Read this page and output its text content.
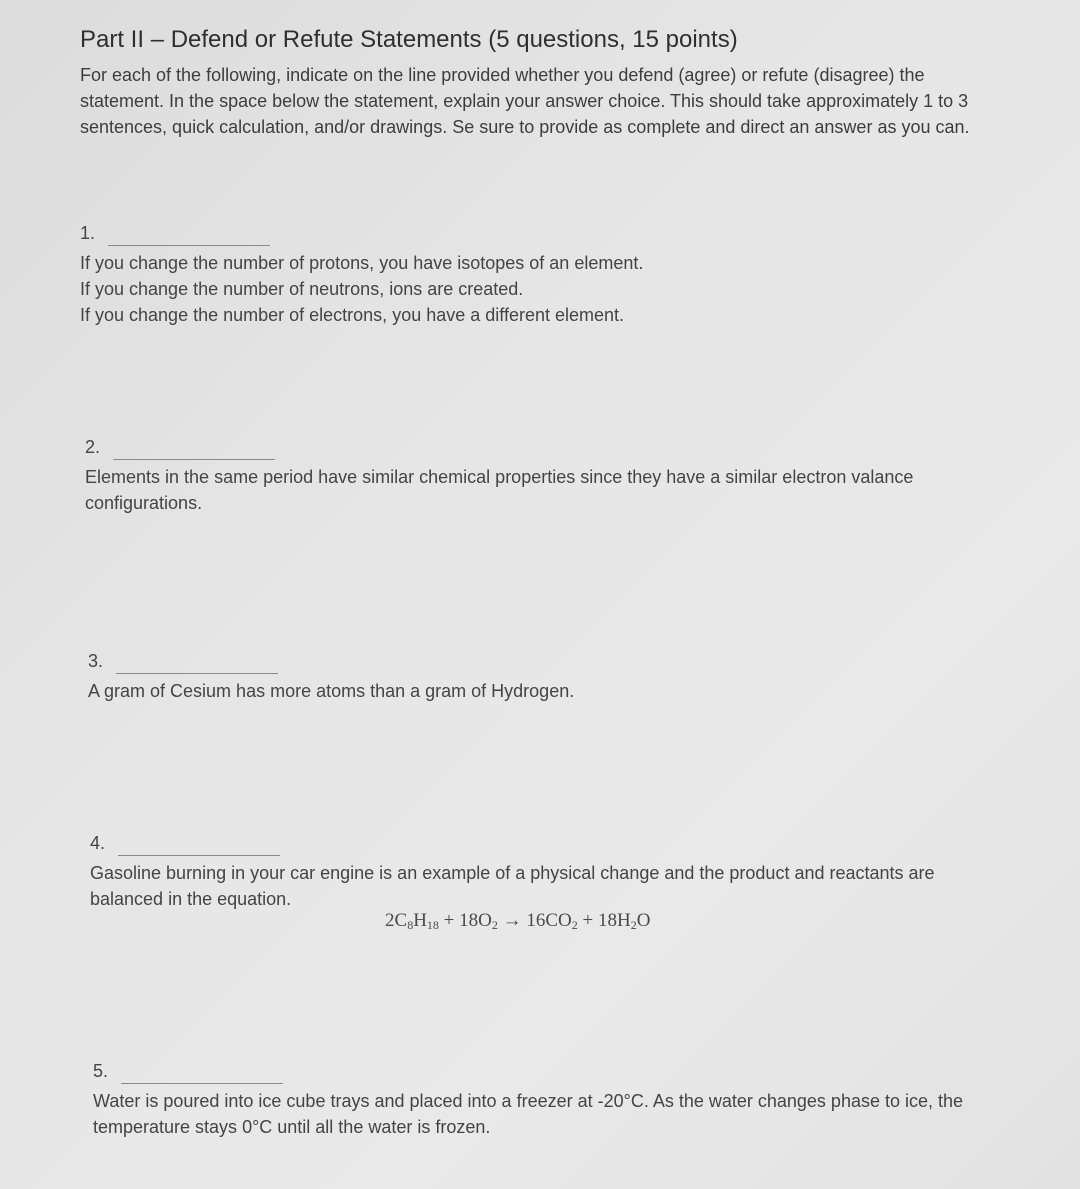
Part II – Defend or Refute Statements (5 questions, 15 points)
For each of the following, indicate on the line provided whether you defend (agree) or refute (disagree) the statement. In the space below the statement, explain your answer choice. This should take approximately 1 to 3 sentences, quick calculation, and/or drawings. Se sure to provide as complete and direct an answer as you can.
1.

If you change the number of protons, you have isotopes of an element.

If you change the number of neutrons, ions are created.

If you change the number of electrons, you have a different element.

2.

Elements in the same period have similar chemical properties since they have a similar electron valance configurations.

3.

A gram of Cesium has more atoms than a gram of Hydrogen.

4.

Gasoline burning in your car engine is an example of a physical change and the product and reactants are balanced in the equation.

$2C_8H_{18} + 18O_2 \to 16CO_2 + 18H_2O$
5.

Water is poured into ice cube trays and placed into a freezer at -20°C. As the water changes phase to ice, the temperature stays 0°C until all the water is frozen.
